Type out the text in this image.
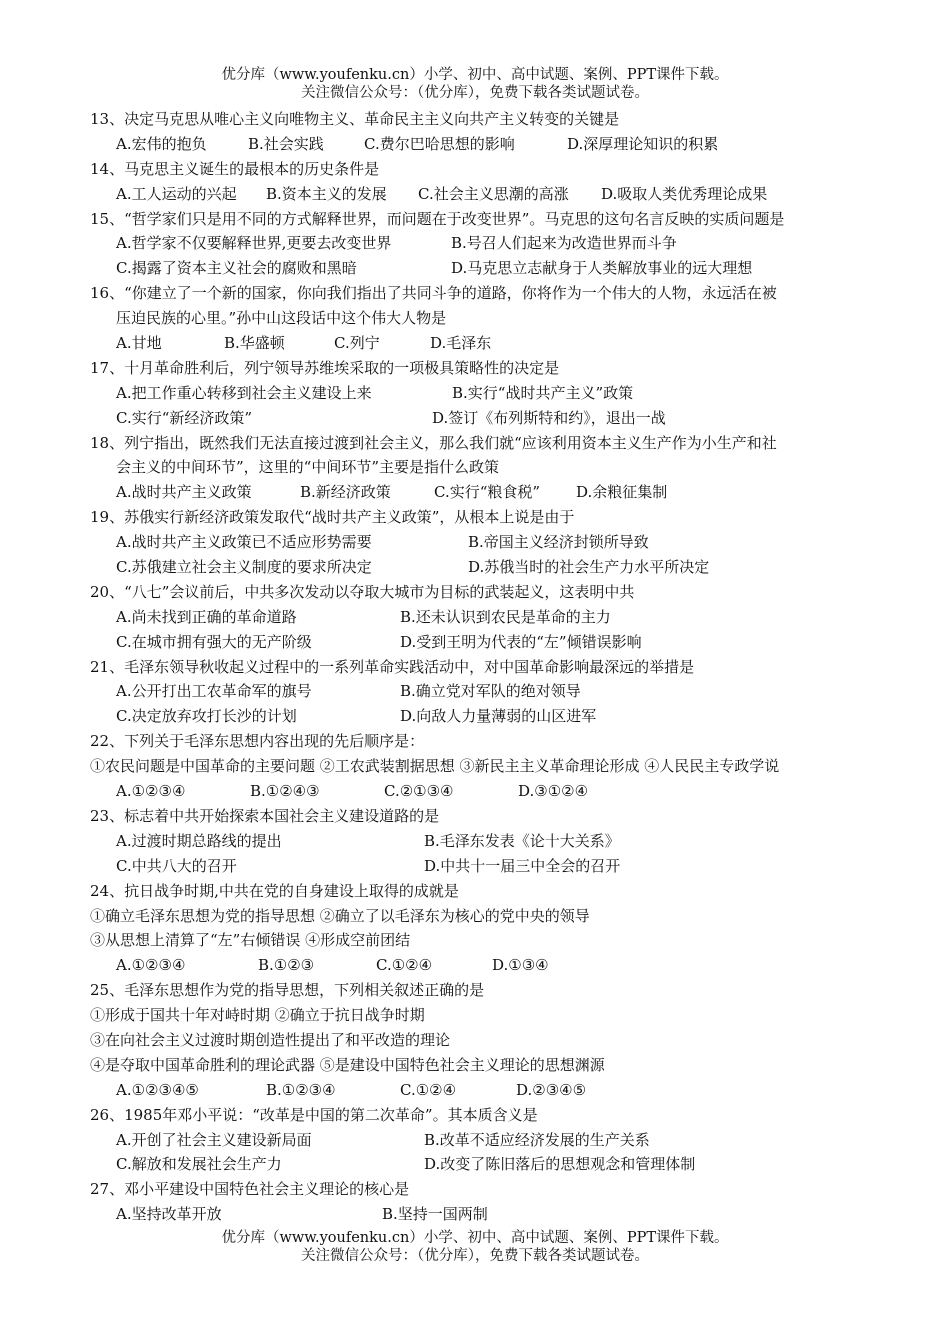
优分库（www.youfenku.cn）小学、初中、高中试题、案例、PPT课件下载。
关注微信公众号：（优分库），免费下载各类试题试卷。
13、决定马克思从唯心主义向唯物主义、革命民主主义向共产主义转变的关键是
A.宏伟的抱负	B.社会实践	C.费尔巴哈思想的影响	D.深厚理论知识的积累
14、马克思主义诞生的最根本的历史条件是
A.工人运动的兴起	B.资本主义的发展	C.社会主义思潮的高涨	D.吸取人类优秀理论成果
15、“哲学家们只是用不同的方式解释世界，而问题在于改变世界”。马克思的这句名言反映的实质问题是
A.哲学家不仅要解释世界,更要去改变世界	B.号召人们起来为改造世界而斗争
C.揭露了资本主义社会的腐败和黑暗	D.马克思立志献身于人类解放事业的远大理想
16、“你建立了一个新的国家，你向我们指出了共同斗争的道路，你将作为一个伟大的人物，永远活在被
压迫民族的心里。”孙中山这段话中这个伟大人物是
A.甘地	B.华盛顿	C.列宁	D.毛泽东
17、十月革命胜利后，列宁领导苏维埃采取的一项极具策略性的决定是
A.把工作重心转移到社会主义建设上来	B.实行“战时共产主义”政策
C.实行“新经济政策”	D.签订《布列斯特和约》，退出一战
18、列宁指出，既然我们无法直接过渡到社会主义，那么我们就“应该利用资本主义生产作为小生产和社
会主义的中间环节”，这里的“中间环节”主要是指什么政策
A.战时共产主义政策	B.新经济政策	C.实行“粮食税”	D.余粮征集制
19、苏俄实行新经济政策发取代“战时共产主义政策”，从根本上说是由于
A.战时共产主义政策已不适应形势需要	B.帝国主义经济封锁所导致
C.苏俄建立社会主义制度的要求所决定	D.苏俄当时的社会生产力水平所决定
20、“八七”会议前后，中共多次发动以夺取大城市为目标的武装起义，这表明中共
A.尚未找到正确的革命道路	B.还未认识到农民是革命的主力
C.在城市拥有强大的无产阶级	D.受到王明为代表的“左”倾错误影响
21、毛泽东领导秋收起义过程中的一系列革命实践活动中，对中国革命影响最深远的举措是
A.公开打出工农革命军的旗号	B.确立党对军队的绝对领导
C.决定放弃攻打长沙的计划	D.向敌人力量薄弱的山区进军
22、下列关于毛泽东思想内容出现的先后顺序是：
①农民问题是中国革命的主要问题 ②工农武装割据思想 ③新民主主义革命理论形成 ④人民民主专政学说
A.①②③④	B.①②④③	C.②①③④	D.③①②④
23、标志着中共开始探索本国社会主义建设道路的是
A.过渡时期总路线的提出	B.毛泽东发表《论十大关系》
C.中共八大的召开	D.中共十一届三中全会的召开
24、抗日战争时期,中共在党的自身建设上取得的成就是
①确立毛泽东思想为党的指导思想 ②确立了以毛泽东为核心的党中央的领导
③从思想上清算了“左”右倾错误 ④形成空前团结
A.①②③④	B.①②③	C.①②④	D.①③④
25、毛泽东思想作为党的指导思想，下列相关叙述正确的是
①形成于国共十年对峙时期 ②确立于抗日战争时期
③在向社会主义过渡时期创造性提出了和平改造的理论
④是夺取中国革命胜利的理论武器 ⑤是建设中国特色社会主义理论的思想渊源
A.①②③④⑤	B.①②③④	C.①②④	D.②③④⑤
26、1985年邓小平说：“改革是中国的第二次革命”。其本质含义是
A.开创了社会主义建设新局面	B.改革不适应经济发展的生产关系
C.解放和发展社会生产力	D.改变了陈旧落后的思想观念和管理体制
27、邓小平建设中国特色社会主义理论的核心是
A.坚持改革开放	B.坚持一国两制
优分库（www.youfenku.cn）小学、初中、高中试题、案例、PPT课件下载。
关注微信公众号：（优分库），免费下载各类试题试卷。
